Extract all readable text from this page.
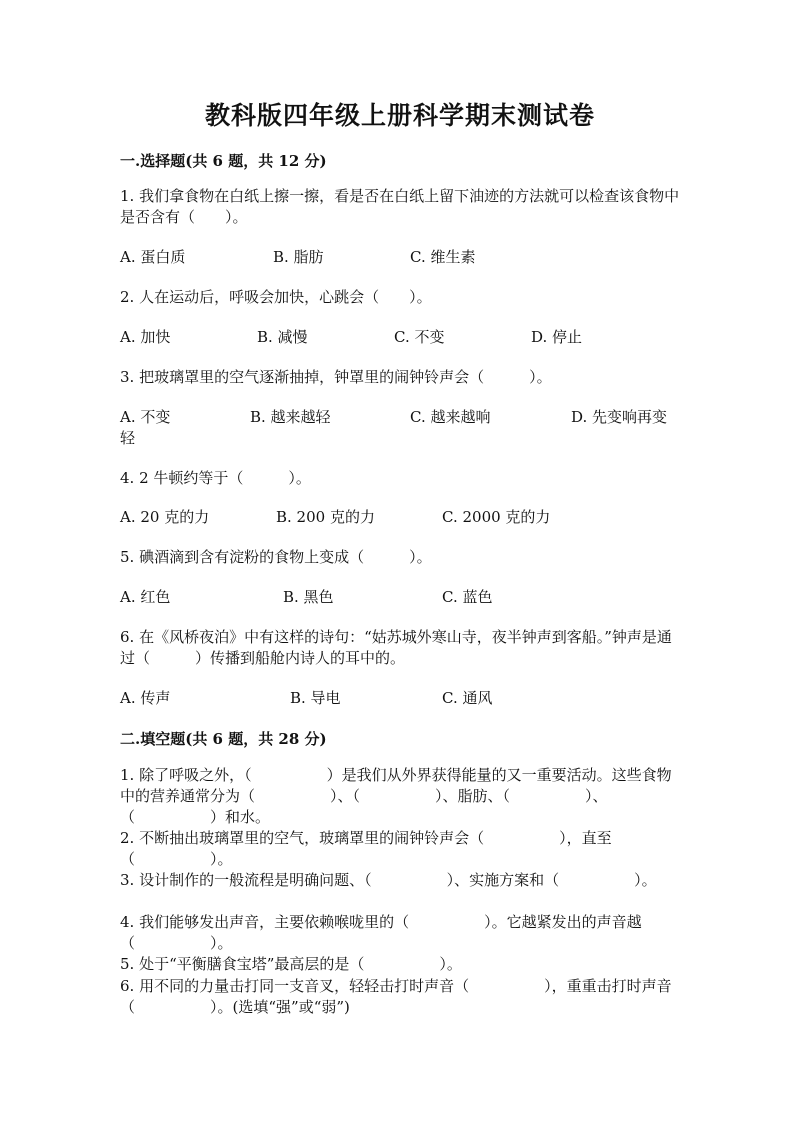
教科版四年级上册科学期末测试卷
一.选择题(共 6 题，共 12 分)
1. 我们拿食物在白纸上擦一擦，看是否在白纸上留下油迹的方法就可以检查该食物中是否含有（　　）。
A. 蛋白质	B. 脂肪	C. 维生素
2. 人在运动后，呼吸会加快，心跳会（　　）。
A. 加快	B. 减慢	C. 不变	D. 停止
3. 把玻璃罩里的空气逐渐抽掉，钟罩里的闹钟铃声会（　　　）。
A. 不变	B. 越来越轻	C. 越来越响	D. 先变响再变
轻
4. 2 牛顿约等于（　　　）。
A. 20 克的力	B. 200 克的力	C. 2000 克的力
5. 碘酒滴到含有淀粉的食物上变成（　　　）。
A. 红色	B. 黑色	C. 蓝色
6. 在《风桥夜泊》中有这样的诗句：“姑苏城外寒山寺，夜半钟声到客船。”钟声是通过（　　　）传播到船舱内诗人的耳中的。
A. 传声	B. 导电	C. 通风
二.填空题(共 6 题，共 28 分)
1. 除了呼吸之外，（　　　　　）是我们从外界获得能量的又一重要活动。这些食物中的营养通常分为（　　　　　）、（　　　　　）、脂肪、（　　　　　）、（　　　　　）和水。
2. 不断抽出玻璃罩里的空气，玻璃罩里的闹钟铃声会（　　　　　），直至（　　　　　）。
3. 设计制作的一般流程是明确问题、（　　　　　）、实施方案和（　　　　　）。
4. 我们能够发出声音，主要依赖喉咙里的（　　　　　）。它越紧发出的声音越（　　　　　）。
5. 处于“平衡膳食宝塔”最高层的是（　　　　　）。
6. 用不同的力量击打同一支音叉，轻轻击打时声音（　　　　　），重重击打时声音（　　　　　）。(选填“强”或“弱”)
